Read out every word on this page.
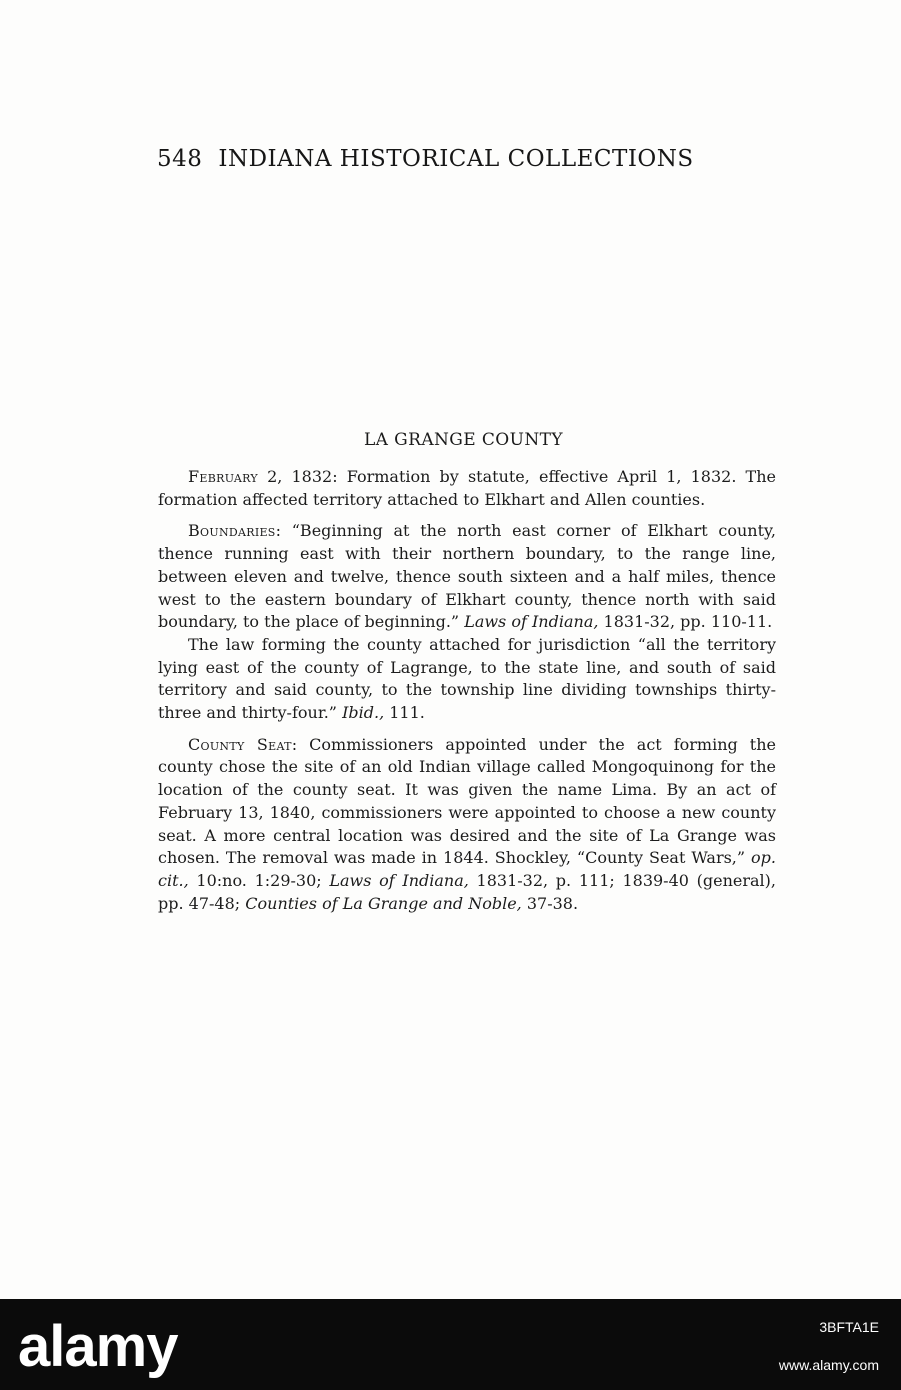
548 INDIANA HISTORICAL COLLECTIONS
LA GRANGE COUNTY

February 2, 1832: Formation by statute, effective April 1, 1832. The formation affected territory attached to Elkhart and Allen counties.

Boundaries: “Beginning at the north east corner of Elkhart county, thence running east with their northern boundary, to the range line, between eleven and twelve, thence south sixteen and a half miles, thence west to the eastern boundary of Elkhart county, thence north with said boundary, to the place of beginning.” Laws of Indiana, 1831-32, pp. 110-11.

The law forming the county attached for jurisdiction “all the territory lying east of the county of Lagrange, to the state line, and south of said territory and said county, to the township line dividing townships thirty-three and thirty-four.” Ibid., 111.

County Seat: Commissioners appointed under the act forming the county chose the site of an old Indian village called Mongoquinong for the location of the county seat. It was given the name Lima. By an act of February 13, 1840, commissioners were appointed to choose a new county seat. A more central location was desired and the site of La Grange was chosen. The removal was made in 1844. Shockley, “County Seat Wars,” op. cit., 10:no. 1:29-30; Laws of Indiana, 1831-32, p. 111; 1839-40 (general), pp. 47-48; Counties of La Grange and Noble, 37-38.

alamy	3BFTA1E
www.alamy.com
